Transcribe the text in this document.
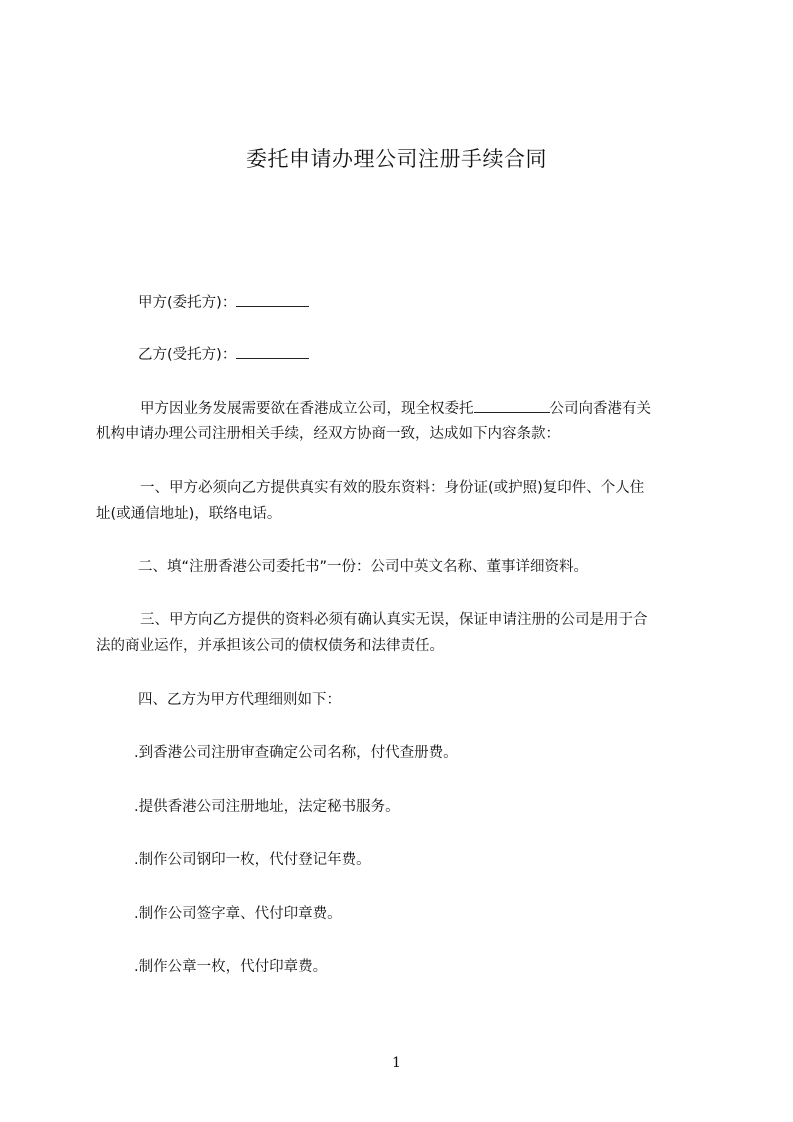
委托申请办理公司注册手续合同
甲方(委托方)：
乙方(受托方)：
甲方因业务发展需要欲在香港成立公司，现全权委托	公司向香港有关
机构申请办理公司注册相关手续，经双方协商一致，达成如下内容条款：
一、甲方必须向乙方提供真实有效的股东资料：身份证(或护照)复印件、个人住
址(或通信地址)，联络电话。
二、填“注册香港公司委托书”一份：公司中英文名称、董事详细资料。
三、甲方向乙方提供的资料必须有确认真实无误，保证申请注册的公司是用于合
法的商业运作，并承担该公司的债权债务和法律责任。
四、乙方为甲方代理细则如下：
.到香港公司注册审查确定公司名称，付代查册费。
.提供香港公司注册地址，法定秘书服务。
.制作公司钢印一枚，代付登记年费。
.制作公司签字章、代付印章费。
.制作公章一枚，代付印章费。
1
